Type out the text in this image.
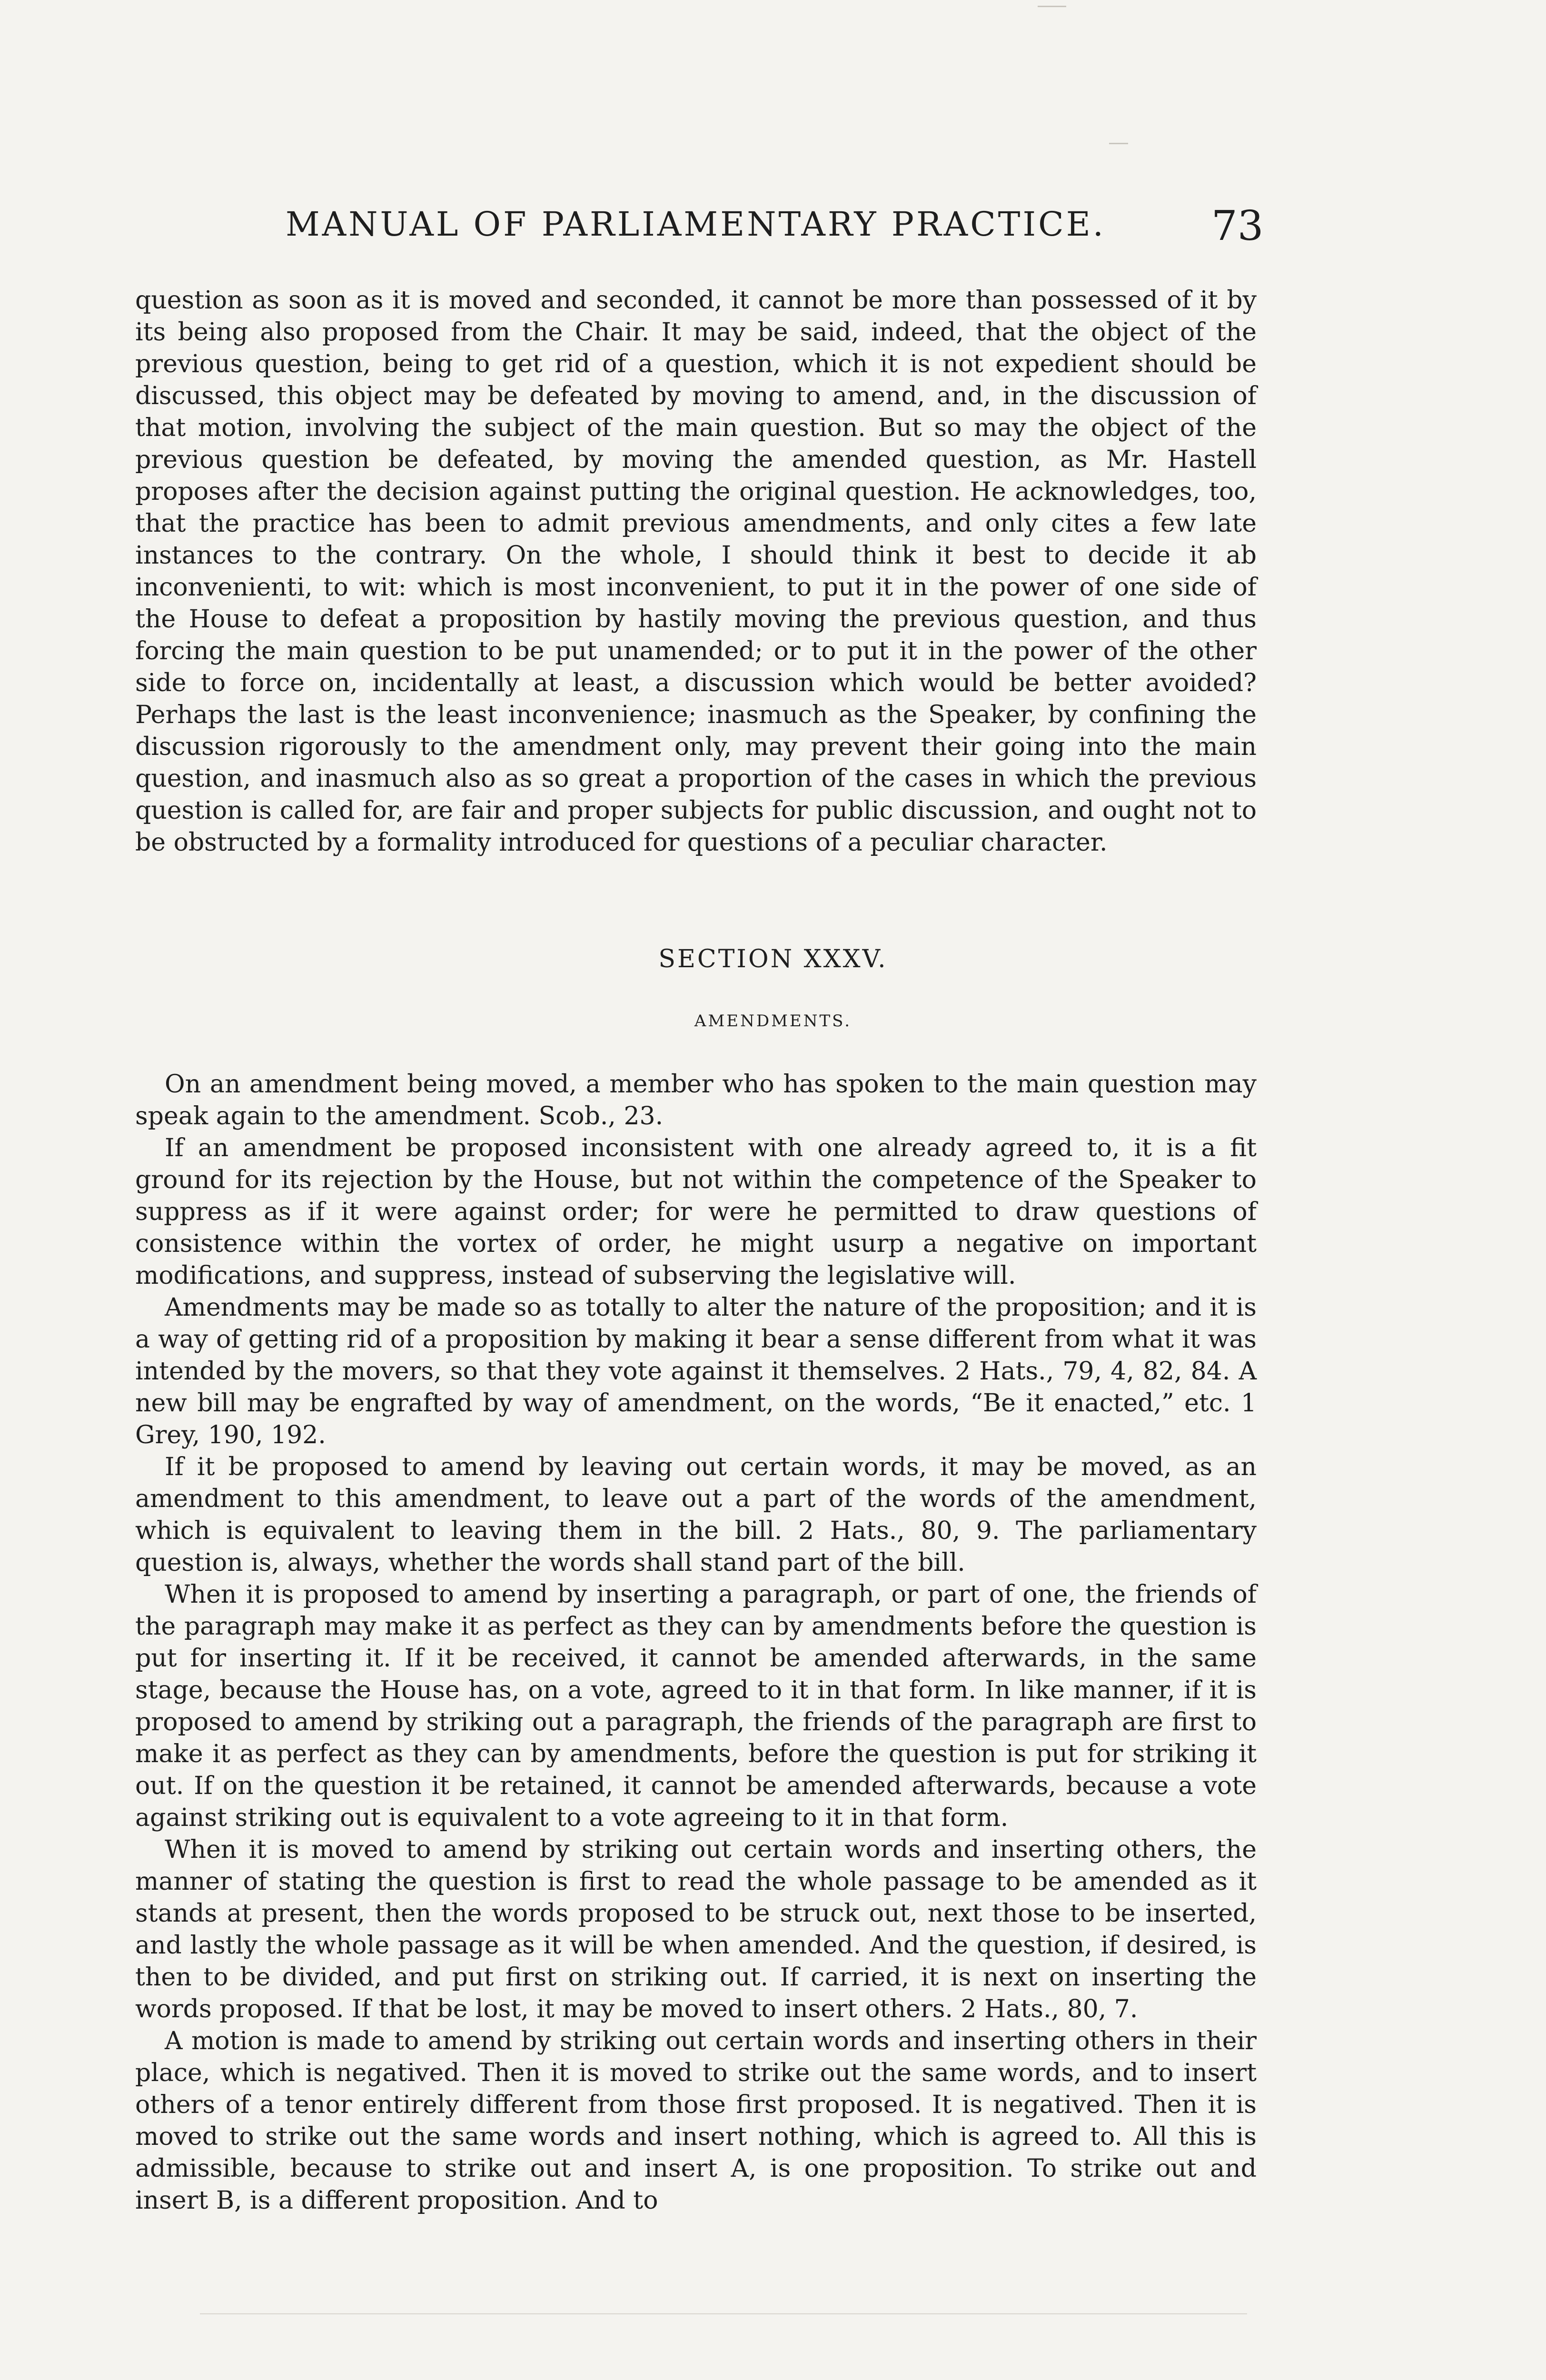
MANUAL OF PARLIAMENTARY PRACTICE.	73

question as soon as it is moved and seconded, it cannot be more than possessed of it by its being also proposed from the Chair. It may be said, indeed, that the object of the previous question, being to get rid of a question, which it is not expedient should be discussed, this object may be defeated by moving to amend, and, in the discussion of that motion, involving the subject of the main question. But so may the object of the previous question be defeated, by moving the amended question, as Mr. Hastell proposes after the decision against putting the original question. He acknowledges, too, that the practice has been to admit previous amendments, and only cites a few late instances to the contrary. On the whole, I should think it best to decide it ab inconvenienti, to wit: which is most inconvenient, to put it in the power of one side of the House to defeat a proposition by hastily moving the previous question, and thus forcing the main question to be put unamended; or to put it in the power of the other side to force on, incidentally at least, a discussion which would be better avoided? Perhaps the last is the least inconvenience; inasmuch as the Speaker, by confining the discussion rigorously to the amendment only, may prevent their going into the main question, and inasmuch also as so great a proportion of the cases in which the previous question is called for, are fair and proper subjects for public discussion, and ought not to be obstructed by a formality introduced for questions of a peculiar character.

SECTION XXXV.
AMENDMENTS.

On an amendment being moved, a member who has spoken to the main question may speak again to the amendment. Scob., 23.

If an amendment be proposed inconsistent with one already agreed to, it is a fit ground for its rejection by the House, but not within the competence of the Speaker to suppress as if it were against order; for were he permitted to draw questions of consistence within the vortex of order, he might usurp a negative on important modifications, and suppress, instead of subserving the legislative will.

Amendments may be made so as totally to alter the nature of the proposition; and it is a way of getting rid of a proposition by making it bear a sense different from what it was intended by the movers, so that they vote against it themselves. 2 Hats., 79, 4, 82, 84. A new bill may be engrafted by way of amendment, on the words, “Be it enacted,” etc. 1 Grey, 190, 192.

If it be proposed to amend by leaving out certain words, it may be moved, as an amendment to this amendment, to leave out a part of the words of the amendment, which is equivalent to leaving them in the bill. 2 Hats., 80, 9. The parliamentary question is, always, whether the words shall stand part of the bill.

When it is proposed to amend by inserting a paragraph, or part of one, the friends of the paragraph may make it as perfect as they can by amendments before the question is put for inserting it. If it be received, it cannot be amended afterwards, in the same stage, because the House has, on a vote, agreed to it in that form. In like manner, if it is proposed to amend by striking out a paragraph, the friends of the paragraph are first to make it as perfect as they can by amendments, before the question is put for striking it out. If on the question it be retained, it cannot be amended afterwards, because a vote against striking out is equivalent to a vote agreeing to it in that form.

When it is moved to amend by striking out certain words and inserting others, the manner of stating the question is first to read the whole passage to be amended as it stands at present, then the words proposed to be struck out, next those to be inserted, and lastly the whole passage as it will be when amended. And the question, if desired, is then to be divided, and put first on striking out. If carried, it is next on inserting the words proposed. If that be lost, it may be moved to insert others. 2 Hats., 80, 7.

A motion is made to amend by striking out certain words and inserting others in their place, which is negatived. Then it is moved to strike out the same words, and to insert others of a tenor entirely different from those first proposed. It is negatived. Then it is moved to strike out the same words and insert nothing, which is agreed to. All this is admissible, because to strike out and insert A, is one proposition. To strike out and insert B, is a different proposition. And to
